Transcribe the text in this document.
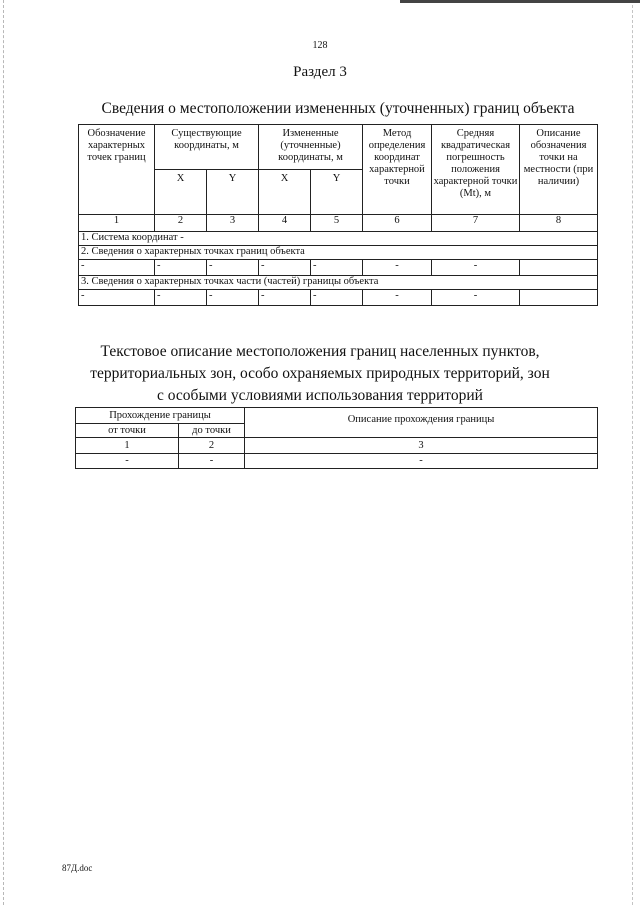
128
Раздел 3
Сведения о местоположении измененных (уточненных) границ объекта
Обозначение характерных точек границ	Существующие координаты, м		Измененные (уточненные) координаты, м		Метод определения координат характерной точки	Средняя квадратическая погрешность положения характерной точки (Mt), м	Описание обозначения точки на местности (при наличии)
	X	Y	X	Y			
1	2	3	4	5	6	7	8
1. Система координат -							
2. Сведения о характерных точках границ объекта							
-	-	-	-	-	-	-	
3. Сведения о характерных точках части (частей) границы объекта							
-	-	-	-	-	-	-	
Текстовое описание местоположения границ населенных пунктов,
территориальных зон, особо охраняемых природных территорий, зон
с особыми условиями использования территорий
Прохождение границы		Описание прохождения границы
от точки	до точки	
1	2	3
-	-	-
87Д.doc
